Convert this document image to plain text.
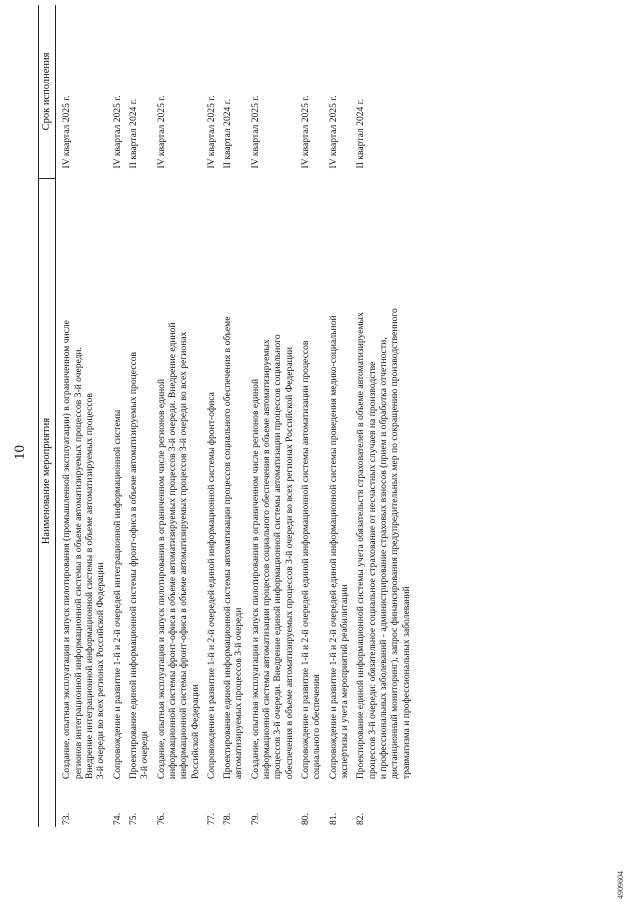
10
	Наименование мероприятия	Срок исполнения
73.	Создание, опытная эксплуатация и запуск пилотирования (промышленной эксплуатации) в ограниченном числе регионов интеграционной информационной системы в объеме автоматизируемых процессов 3-й очереди. Внедрение интеграционной информационной системы в объеме автоматизируемых процессов 3-й очереди во всех регионах Российской Федерации	IV квартал 2025 г.
74.	Сопровождение и развитие 1-й и 2-й очередей интеграционной информационной системы	IV квартал 2025 г.
75.	Проектирование единой информационной системы фронт-офиса в объеме автоматизируемых процессов 3-й очереди	II квартал 2024 г.
76.	Создание, опытная эксплуатация и запуск пилотирования в ограниченном числе регионов единой информационной системы фронт-офиса в объеме автоматизируемых процессов 3-й очереди. Внедрение единой информационной системы фронт-офиса в объеме автоматизируемых процессов 3-й очереди во всех регионах Российской Федерации	IV квартал 2025 г.
77.	Сопровождение и развитие 1-й и 2-й очередей единой информационной системы фронт-офиса	IV квартал 2025 г.
78.	Проектирование единой информационной системы автоматизации процессов социального обеспечения в объеме автоматизируемых процессов 3-й очереди	II квартал 2024 г.
79.	Создание, опытная эксплуатация и запуск пилотирования в ограниченном числе регионов единой информационной системы автоматизации процессов социального обеспечения в объеме автоматизируемых процессов 3-й очереди. Внедрение единой информационной системы автоматизации процессов социального обеспечения в объеме автоматизируемых процессов 3-й очереди во всех регионах Российской Федерации	IV квартал 2025 г.
80.	Сопровождение и развитие 1-й и 2-й очередей единой информационной системы автоматизации процессов социального обеспечения	IV квартал 2025 г.
81.	Сопровождение и развитие 1-й и 2-й очередей единой информационной системы проведения медико-социальной экспертизы и учета мероприятий реабилитации	IV квартал 2025 г.
82.	Проектирование единой информационной системы учета обязательств страхователей в объеме автоматизируемых процессов 3-й очереди: обязательное социальное страхование от несчастных случаев на производстве и профессиональных заболеваний - администрирование страховых взносов (прием и обработка отчетности, дистанционный мониторинг), запрос финансирования предупредительных мер по сокращению производственного травматизма и профессиональных заболеваний	II квартал 2024 г.
4909604
